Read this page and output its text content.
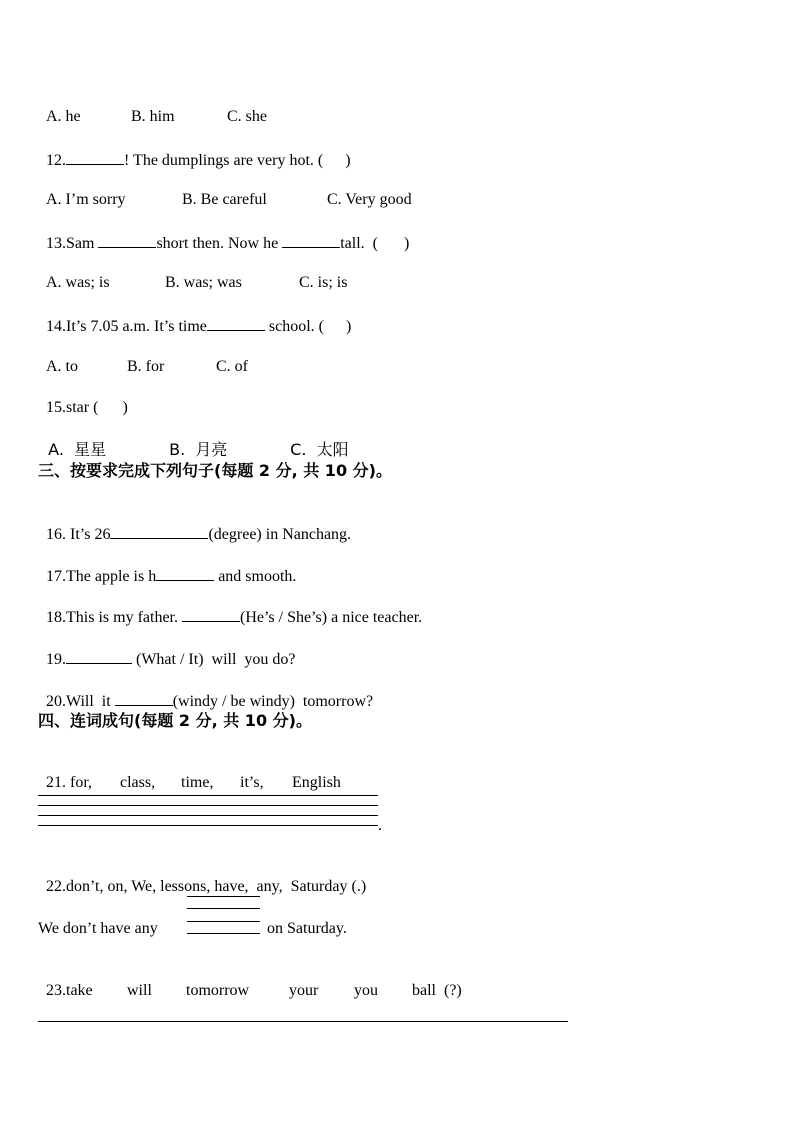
A. he	B. him	C. she

12.	! The dumplings are very hot. ( )

A. I’m sorry	B. Be careful	C. Very good

13.Sam	short then. Now he	tall.  ( )

A. was; is	B. was; was	C. is; is

14.It’s 7.05 a.m. It’s time	school. ( )

A. to	B. for	C. of

15.star ( )

A.  星星	B.  月亮	C.  太阳

三、按要求完成下列句子(每题 2 分, 共 10 分)。

16. It’s 26	(degree) in Nanchang.

17.The apple is h	and smooth.

18.This is my father.	(He’s / She’s) a nice teacher.

19.	(What / It)  will  you do?

20.Will  it	(windy / be windy)  tomorrow?

四、连词成句(每题 2 分, 共 10 分)。

21. for, class, time, it’s, English

.

22.don’t, on, We, lessons, have,  any,  Saturday (.)

We don’t have any	on Saturday.

23.take will tomorrow your you ball  (?)
